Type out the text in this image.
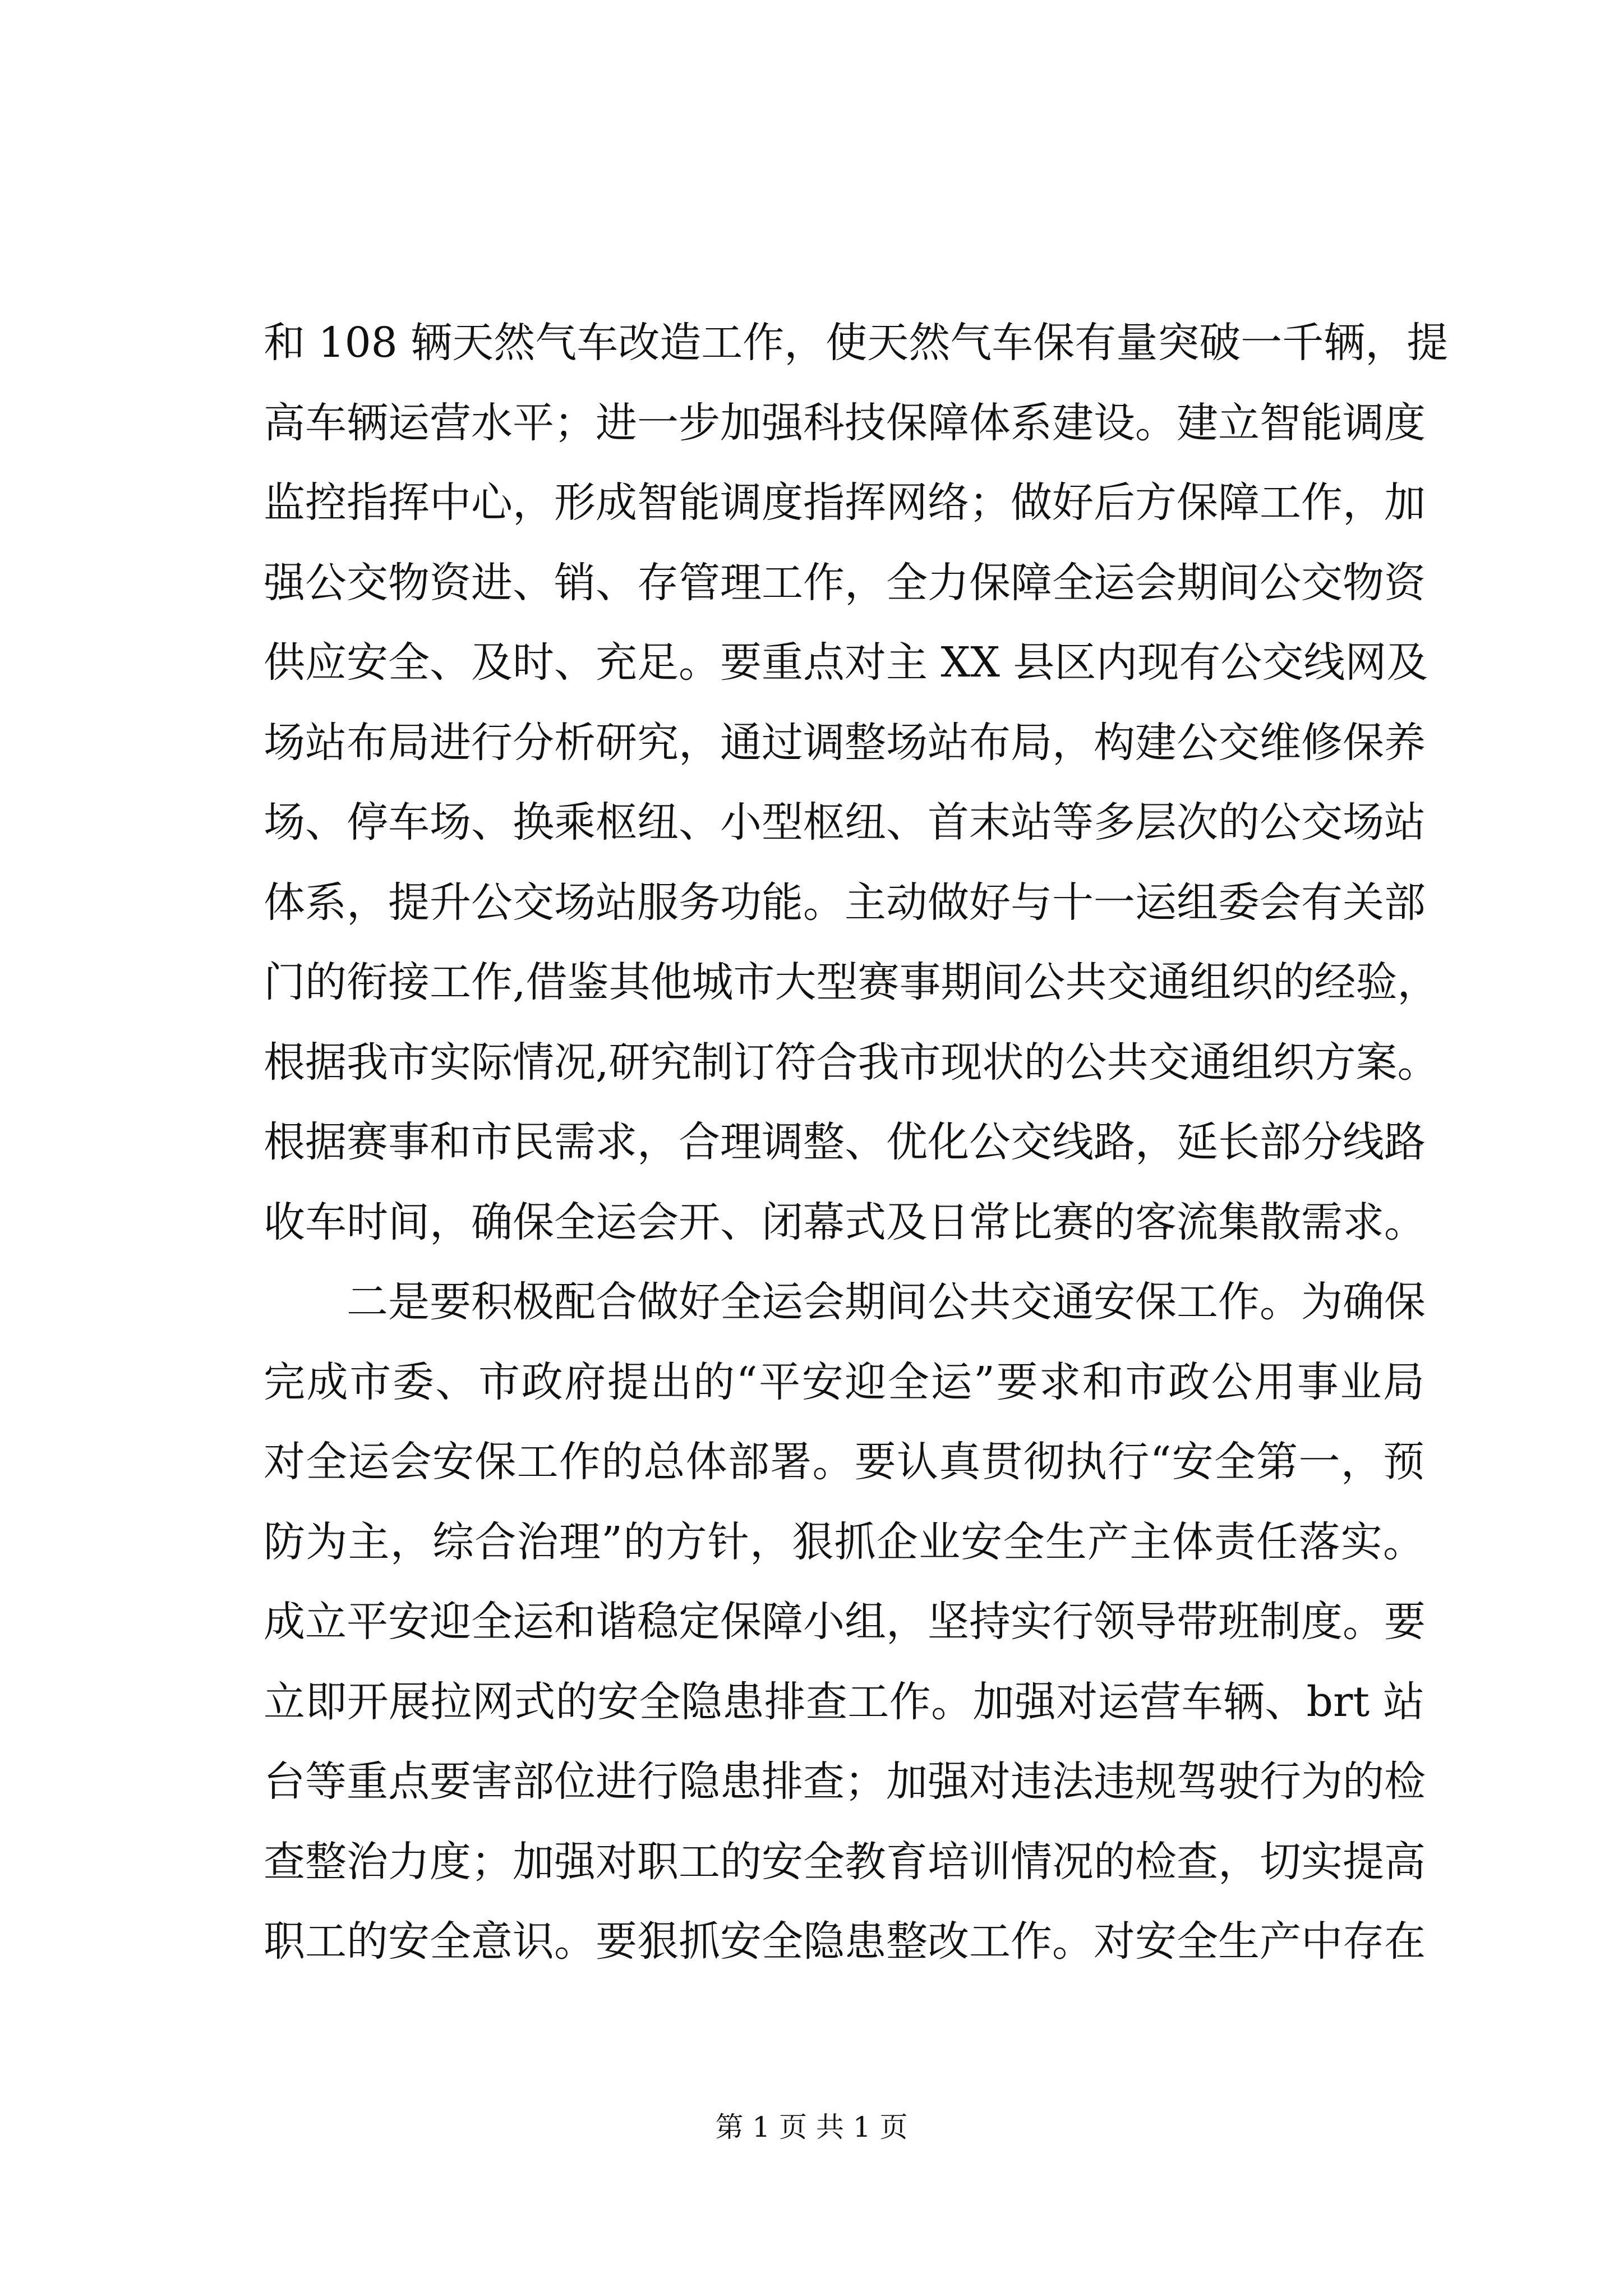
和 108 辆天然气车改造工作，使天然气车保有量突破一千辆，提
高车辆运营水平；进一步加强科技保障体系建设。建立智能调度
监控指挥中心，形成智能调度指挥网络；做好后方保障工作，加
强公交物资进、销、存管理工作，全力保障全运会期间公交物资
供应安全、及时、充足。要重点对主 XX 县区内现有公交线网及
场站布局进行分析研究，通过调整场站布局，构建公交维修保养
场、停车场、换乘枢纽、小型枢纽、首末站等多层次的公交场站
体系，提升公交场站服务功能。主动做好与十一运组委会有关部
门的衔接工作,借鉴其他城市大型赛事期间公共交通组织的经验，
根据我市实际情况,研究制订符合我市现状的公共交通组织方案。
根据赛事和市民需求，合理调整、优化公交线路，延长部分线路
收车时间，确保全运会开、闭幕式及日常比赛的客流集散需求。
　　二是要积极配合做好全运会期间公共交通安保工作。为确保
完成市委、市政府提出的“平安迎全运”要求和市政公用事业局
对全运会安保工作的总体部署。要认真贯彻执行“安全第一，预
防为主，综合治理”的方针，狠抓企业安全生产主体责任落实。
成立平安迎全运和谐稳定保障小组，坚持实行领导带班制度。要
立即开展拉网式的安全隐患排查工作。加强对运营车辆、brt 站
台等重点要害部位进行隐患排查；加强对违法违规驾驶行为的检
查整治力度；加强对职工的安全教育培训情况的检查，切实提高
职工的安全意识。要狠抓安全隐患整改工作。对安全生产中存在
第 1 页 共 1 页
